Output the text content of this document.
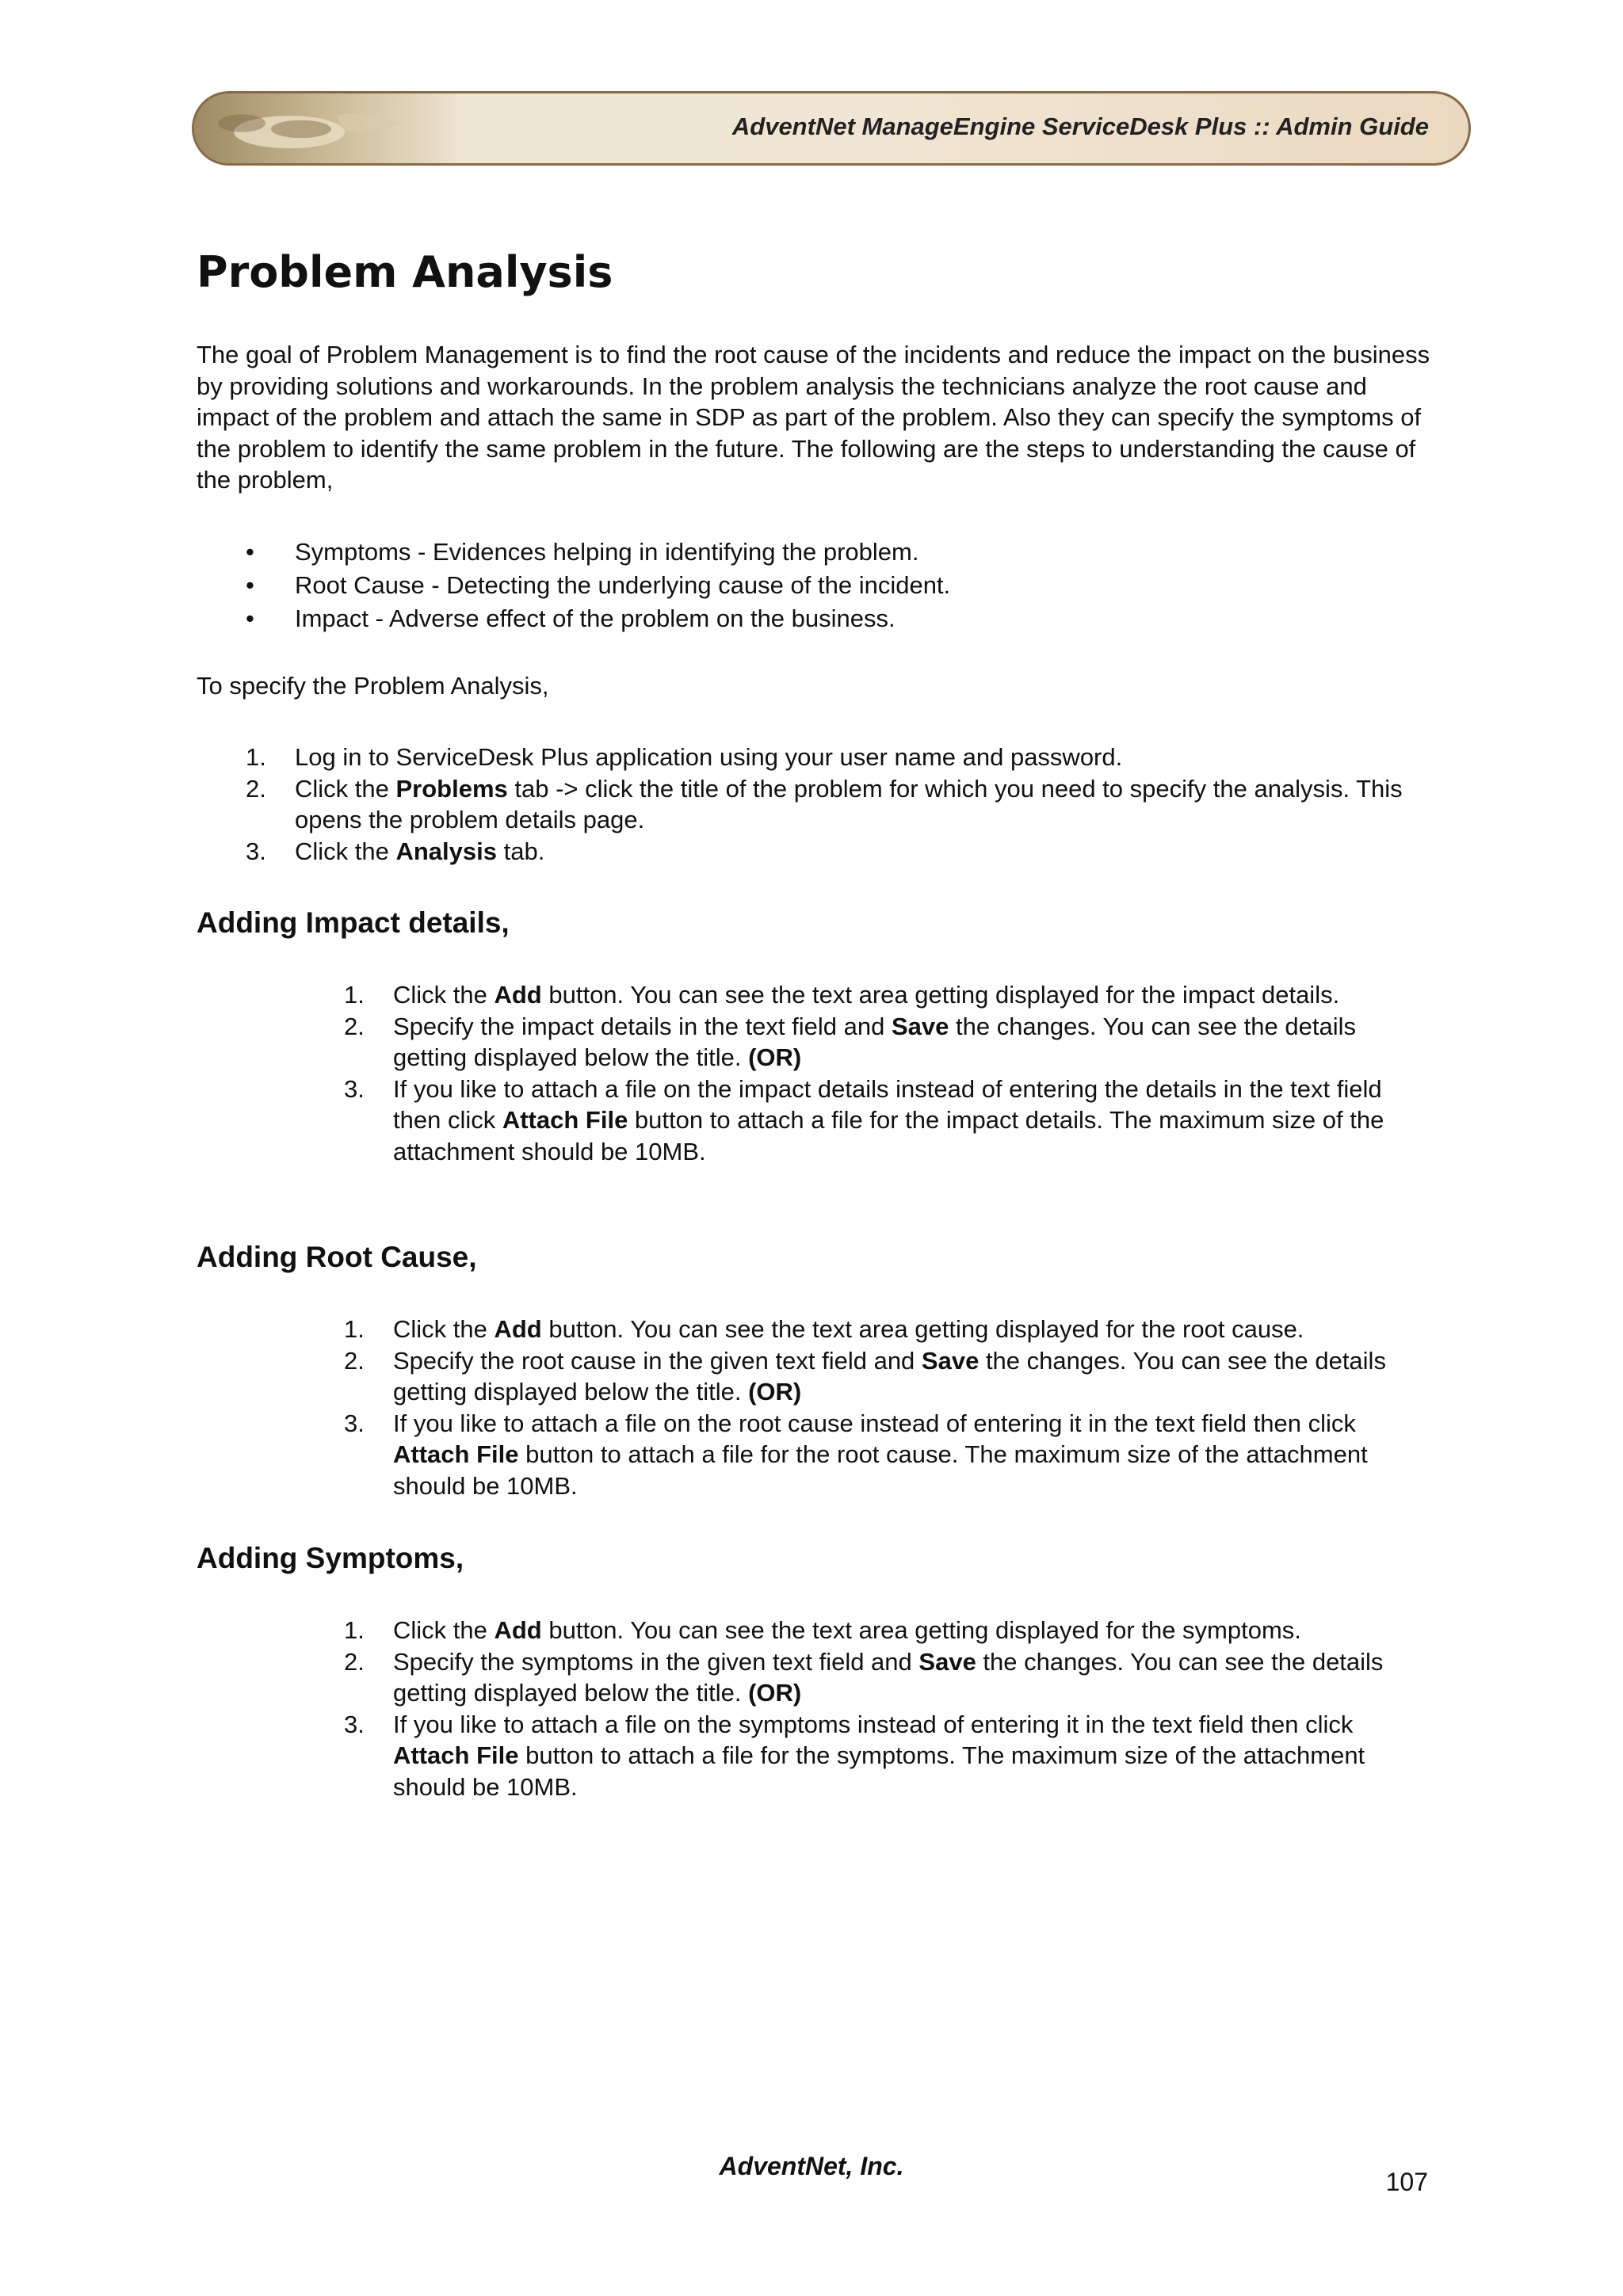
AdventNet ManageEngine ServiceDesk Plus :: Admin Guide
Problem Analysis

The goal of Problem Management is to find the root cause of the incidents and reduce the impact on the business by providing solutions and workarounds. In the problem analysis the technicians analyze the root cause and impact of the problem and attach the same in SDP as part of the problem. Also they can specify the symptoms of the problem to identify the same problem in the future. The following are the steps to understanding the cause of the problem,

• Symptoms - Evidences helping in identifying the problem.
• Root Cause - Detecting the underlying cause of the incident.
• Impact - Adverse effect of the problem on the business.

To specify the Problem Analysis,

1. Log in to ServiceDesk Plus application using your user name and password.
2. Click the Problems tab -> click the title of the problem for which you need to specify the analysis. This opens the problem details page.
3. Click the Analysis tab.
Adding Impact details,
1. Click the Add button. You can see the text area getting displayed for the impact details.
2. Specify the impact details in the text field and Save the changes. You can see the details getting displayed below the title. (OR)
3. If you like to attach a file on the impact details instead of entering the details in the text field then click Attach File button to attach a file for the impact details. The maximum size of the attachment should be 10MB.
Adding Root Cause,
1. Click the Add button. You can see the text area getting displayed for the root cause.
2. Specify the root cause in the given text field and Save the changes. You can see the details getting displayed below the title. (OR)
3. If you like to attach a file on the root cause instead of entering it in the text field then click Attach File button to attach a file for the root cause. The maximum size of the attachment should be 10MB.
Adding Symptoms,
1. Click the Add button. You can see the text area getting displayed for the symptoms.
2. Specify the symptoms in the given text field and Save the changes. You can see the details getting displayed below the title. (OR)
3. If you like to attach a file on the symptoms instead of entering it in the text field then click Attach File button to attach a file for the symptoms. The maximum size of the attachment should be 10MB.
AdventNet, Inc.
107
